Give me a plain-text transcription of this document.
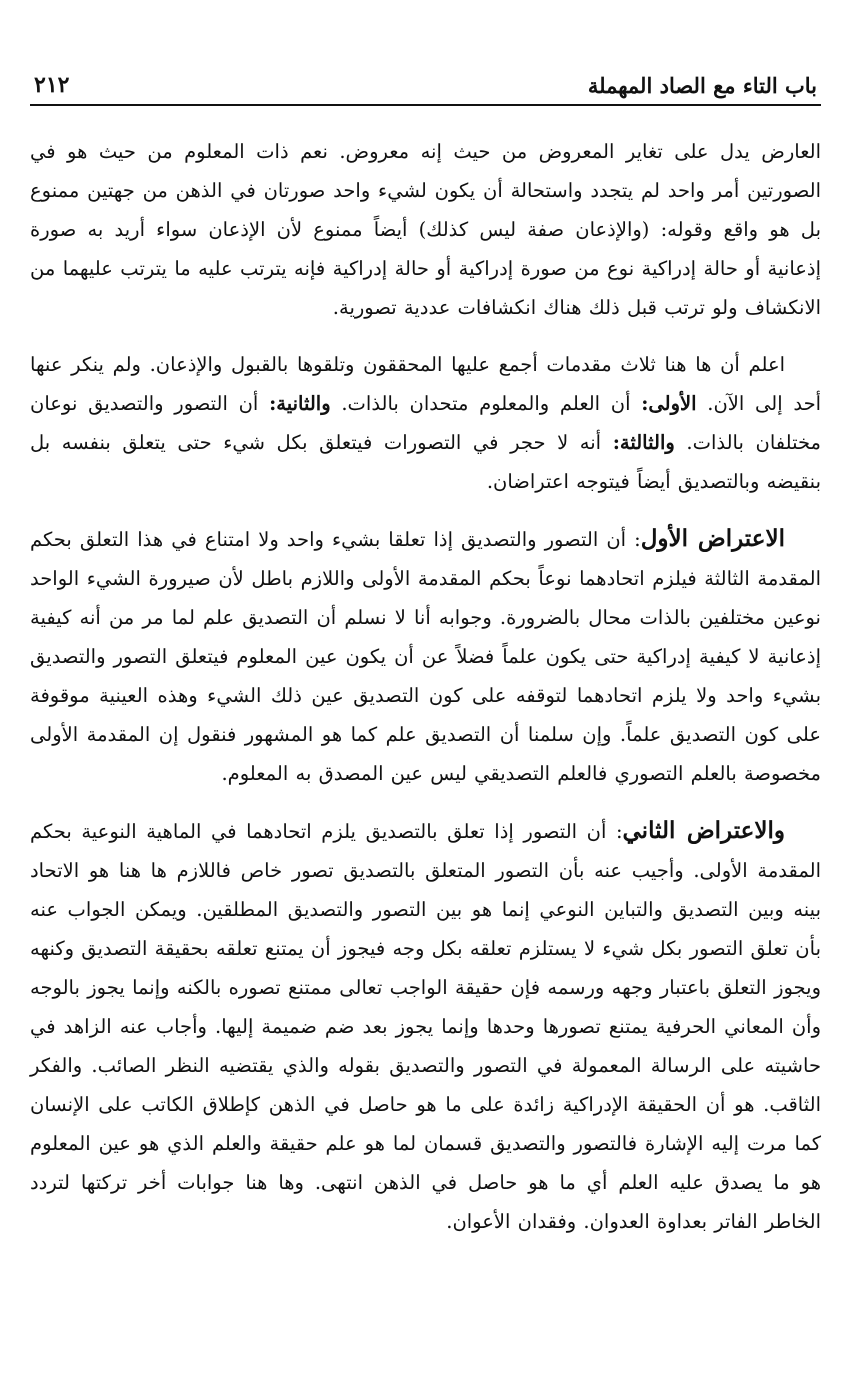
باب التاء مع الصاد المهملة
٢١٢

العارض يدل على تغاير المعروض من حيث إنه معروض. نعم ذات المعلوم من حيث هو في الصورتين أمر واحد لم يتجدد واستحالة أن يكون لشيء واحد صورتان في الذهن من جهتين ممنوع بل هو واقع وقوله: (والإذعان صفة ليس كذلك) أيضاً ممنوع لأن الإذعان سواء أريد به صورة إذعانية أو حالة إدراكية نوع من صورة إدراكية أو حالة إدراكية فإنه يترتب عليه ما يترتب عليهما من الانكشاف ولو ترتب قبل ذلك هناك انكشافات عددية تصورية.

اعلم أن ها هنا ثلاث مقدمات أجمع عليها المحققون وتلقوها بالقبول والإذعان. ولم ينكر عنها أحد إلى الآن. الأولى: أن العلم والمعلوم متحدان بالذات. والثانية: أن التصور والتصديق نوعان مختلفان بالذات. والثالثة: أنه لا حجر في التصورات فيتعلق بكل شيء حتى يتعلق بنفسه بل بنقيضه وبالتصديق أيضاً فيتوجه اعتراضان.

الاعتراض الأول: أن التصور والتصديق إذا تعلقا بشيء واحد ولا امتناع في هذا التعلق بحكم المقدمة الثالثة فيلزم اتحادهما نوعاً بحكم المقدمة الأولى واللازم باطل لأن صيرورة الشيء الواحد نوعين مختلفين بالذات محال بالضرورة. وجوابه أنا لا نسلم أن التصديق علم لما مر من أنه كيفية إذعانية لا كيفية إدراكية حتى يكون علماً فضلاً عن أن يكون عين المعلوم فيتعلق التصور والتصديق بشيء واحد ولا يلزم اتحادهما لتوقفه على كون التصديق عين ذلك الشيء وهذه العينية موقوفة على كون التصديق علماً. وإن سلمنا أن التصديق علم كما هو المشهور فنقول إن المقدمة الأولى مخصوصة بالعلم التصوري فالعلم التصديقي ليس عين المصدق به المعلوم.

والاعتراض الثاني: أن التصور إذا تعلق بالتصديق يلزم اتحادهما في الماهية النوعية بحكم المقدمة الأولى. وأجيب عنه بأن التصور المتعلق بالتصديق تصور خاص فاللازم ها هنا هو الاتحاد بينه وبين التصديق والتباين النوعي إنما هو بين التصور والتصديق المطلقين. ويمكن الجواب عنه بأن تعلق التصور بكل شيء لا يستلزم تعلقه بكل وجه فيجوز أن يمتنع تعلقه بحقيقة التصديق وكنهه ويجوز التعلق باعتبار وجهه ورسمه فإن حقيقة الواجب تعالى ممتنع تصوره بالكنه وإنما يجوز بالوجه وأن المعاني الحرفية يمتنع تصورها وحدها وإنما يجوز بعد ضم ضميمة إليها. وأجاب عنه الزاهد في حاشيته على الرسالة المعمولة في التصور والتصديق بقوله والذي يقتضيه النظر الصائب. والفكر الثاقب. هو أن الحقيقة الإدراكية زائدة على ما هو حاصل في الذهن كإطلاق الكاتب على الإنسان كما مرت إليه الإشارة فالتصور والتصديق قسمان لما هو علم حقيقة والعلم الذي هو عين المعلوم هو ما يصدق عليه العلم أي ما هو حاصل في الذهن انتهى. وها هنا جوابات أخر تركتها لتردد الخاطر الفاتر بعداوة العدوان. وفقدان الأعوان.
